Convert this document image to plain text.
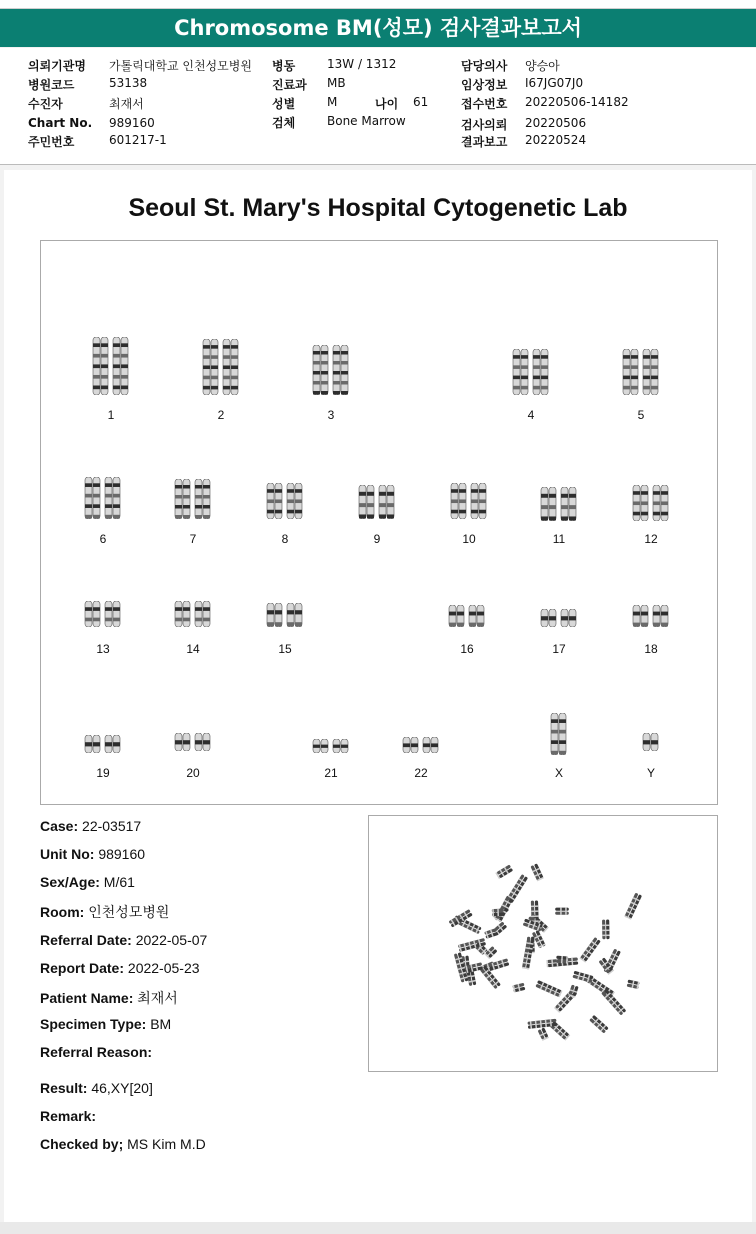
Chromosome BM(성모) 검사결과보고서
의뢰기관명 가톨릭대학교 인천성모병원
병원코드	53138
수진자	최재서
Chart No. 989160
주민번호	601217-1
병동	13W / 1312
진료과 MB
성별	M	나이 61
검체	Bone Marrow
담당의사 양승아
임상정보 I67JG07J0
접수번호 20220506-14182
검사의뢰 20220506
결과보고 20220524
Seoul St. Mary's Hospital Cytogenetic Lab
1	2	3	4	5
6	7	8	9	10	11	12
13	14	15	16	17	18
19	20	21	22	X	Y
Case: 22-03517
Unit No: 989160
Sex/Age: M/61
Room: 인천성모병원
Referral Date: 2022-05-07
Report Date: 2022-05-23
Patient Name: 최재서
Specimen Type: BM
Referral Reason:
Result: 46,XY[20]
Remark:
Checked by; MS Kim M.D
